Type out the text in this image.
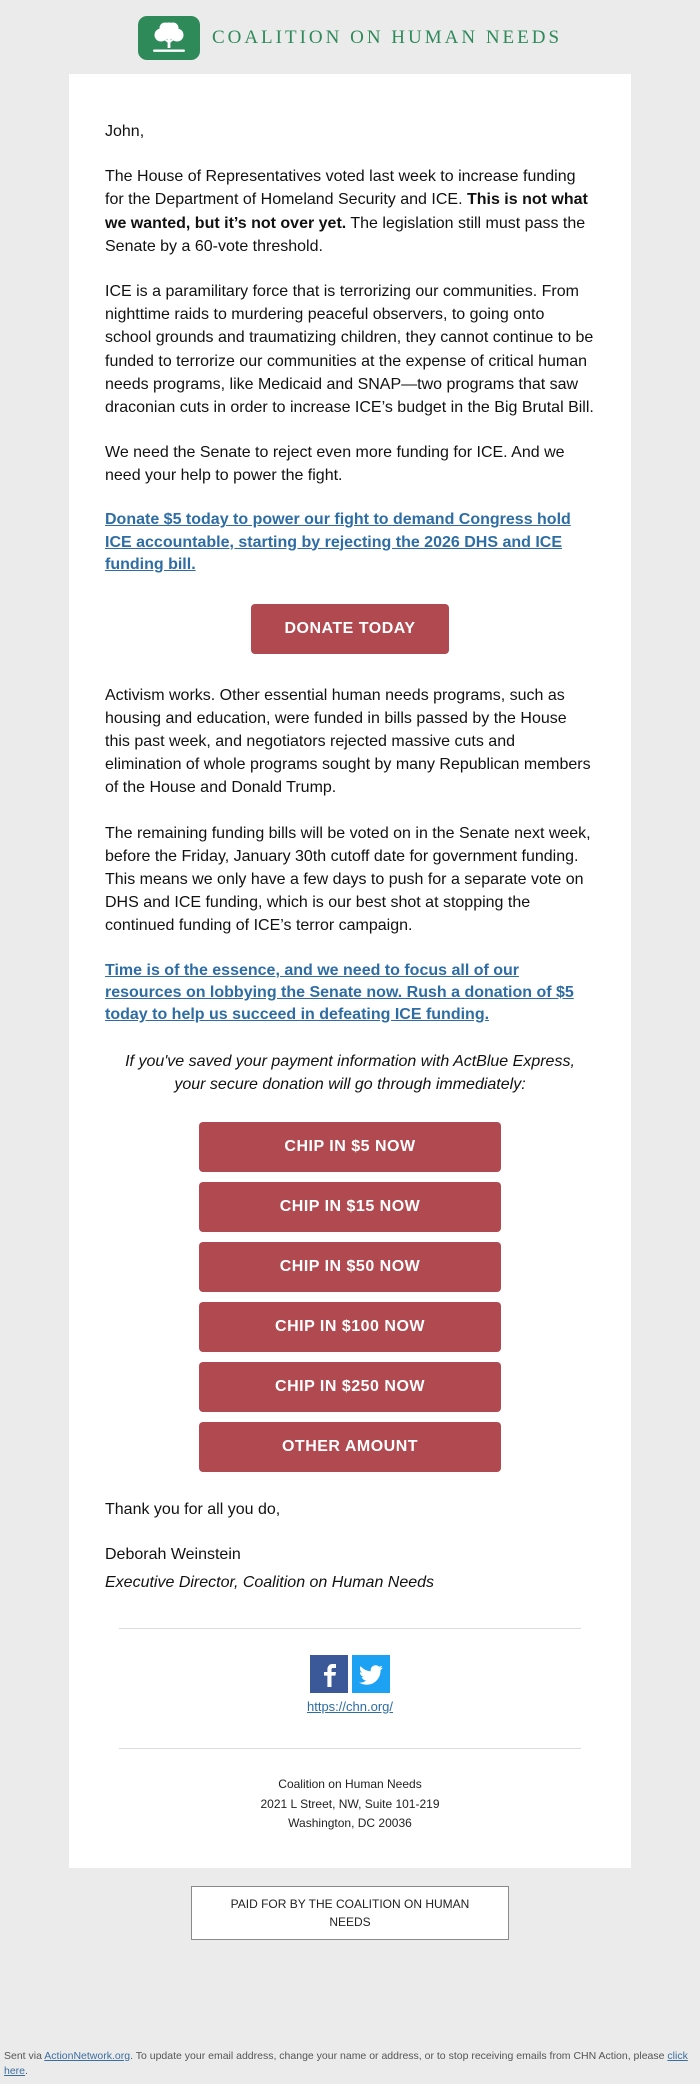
COALITION ON HUMAN NEEDS

John,

The House of Representatives voted last week to increase funding for the Department of Homeland Security and ICE. This is not what we wanted, but it’s not over yet. The legislation still must pass the Senate by a 60-vote threshold.

ICE is a paramilitary force that is terrorizing our communities. From nighttime raids to murdering peaceful observers, to going onto school grounds and traumatizing children, they cannot continue to be funded to terrorize our communities at the expense of critical human needs programs, like Medicaid and SNAP—two programs that saw draconian cuts in order to increase ICE’s budget in the Big Brutal Bill.

We need the Senate to reject even more funding for ICE. And we need your help to power the fight.

Donate $5 today to power our fight to demand Congress hold ICE accountable, starting by rejecting the 2026 DHS and ICE funding bill.
DONATE TODAY

Activism works. Other essential human needs programs, such as housing and education, were funded in bills passed by the House this past week, and negotiators rejected massive cuts and elimination of whole programs sought by many Republican members of the House and Donald Trump.

The remaining funding bills will be voted on in the Senate next week, before the Friday, January 30th cutoff date for government funding. This means we only have a few days to push for a separate vote on DHS and ICE funding, which is our best shot at stopping the continued funding of ICE’s terror campaign.

Time is of the essence, and we need to focus all of our resources on lobbying the Senate now. Rush a donation of $5 today to help us succeed in defeating ICE funding.

If you've saved your payment information with ActBlue Express, your secure donation will go through immediately:

CHIP IN $5 NOW
CHIP IN $15 NOW
CHIP IN $50 NOW
CHIP IN $100 NOW
CHIP IN $250 NOW
OTHER AMOUNT

Thank you for all you do,

Deborah Weinstein

Executive Director, Coalition on Human Needs

https://chn.org/
Coalition on Human Needs
2021 L Street, NW, Suite 101-219
Washington, DC 20036
PAID FOR BY THE COALITION ON HUMAN NEEDS
Sent via ActionNetwork.org. To update your email address, change your name or address, or to stop receiving emails from CHN Action, please click here.
